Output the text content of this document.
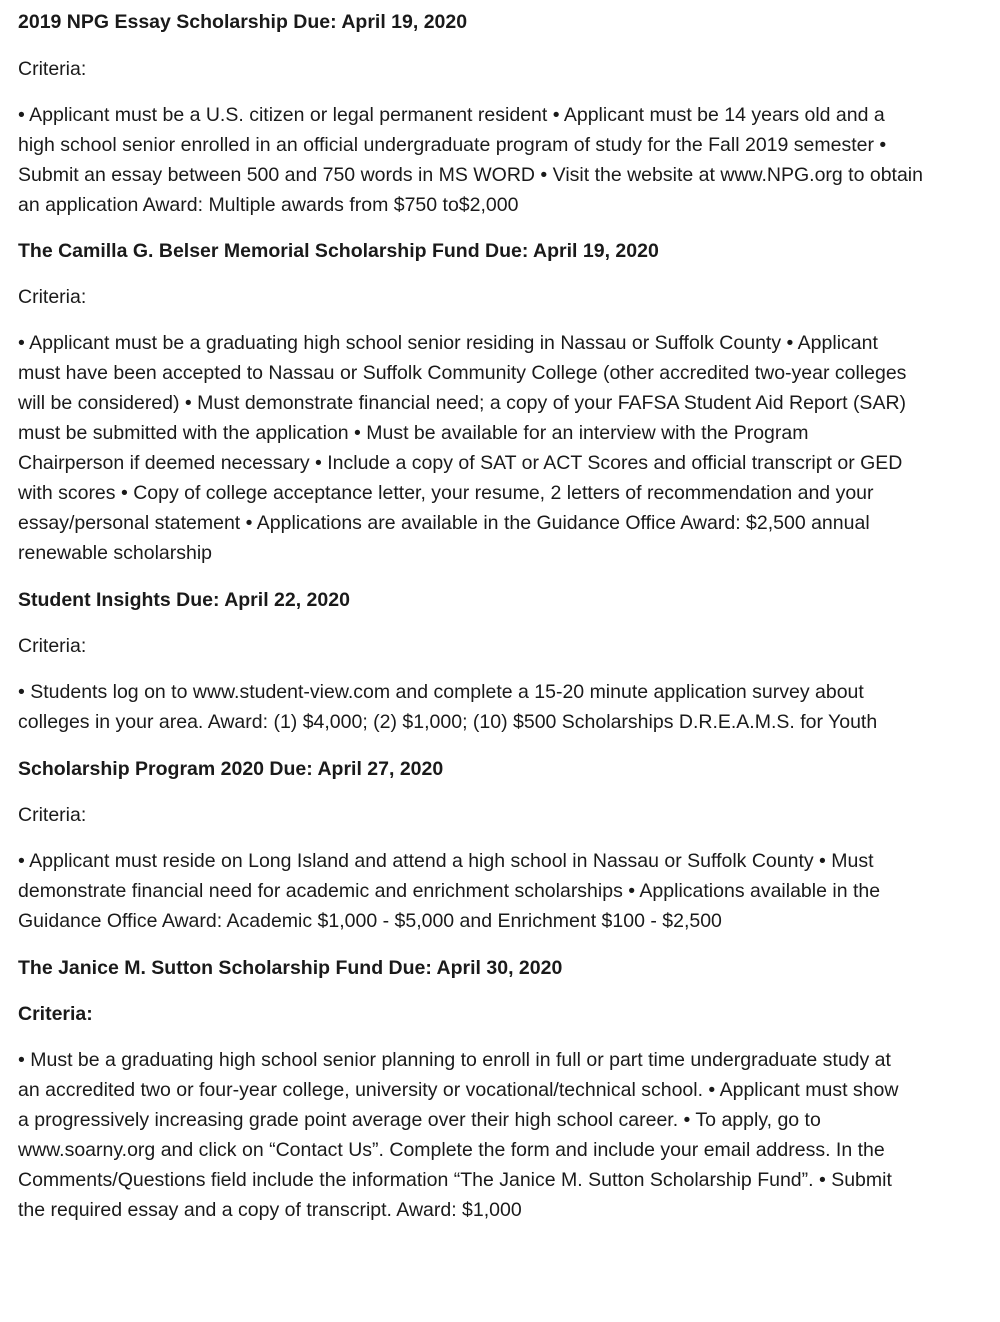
2019 NPG Essay Scholarship Due: April 19, 2020
Criteria:
• Applicant must be a U.S. citizen or legal permanent resident • Applicant must be 14 years old and a
high school senior enrolled in an official undergraduate program of study for the Fall 2019 semester •
Submit an essay between 500 and 750 words in MS WORD • Visit the website at www.NPG.org to obtain
an application Award: Multiple awards from $750 to$2,000
The Camilla G. Belser Memorial Scholarship Fund Due: April 19, 2020
Criteria:
• Applicant must be a graduating high school senior residing in Nassau or Suffolk County • Applicant
must have been accepted to Nassau or Suffolk Community College (other accredited two-year colleges
will be considered) • Must demonstrate financial need; a copy of your FAFSA Student Aid Report (SAR)
must be submitted with the application • Must be available for an interview with the Program
Chairperson if deemed necessary • Include a copy of SAT or ACT Scores and official transcript or GED
with scores • Copy of college acceptance letter, your resume, 2 letters of recommendation and your
essay/personal statement • Applications are available in the Guidance Office Award: $2,500 annual
renewable scholarship
Student Insights Due: April 22, 2020
Criteria:
• Students log on to www.student-view.com and complete a 15-20 minute application survey about
colleges in your area. Award: (1) $4,000; (2) $1,000; (10) $500 Scholarships D.R.E.A.M.S. for Youth
Scholarship Program 2020 Due: April 27, 2020
Criteria:
• Applicant must reside on Long Island and attend a high school in Nassau or Suffolk County • Must
demonstrate financial need for academic and enrichment scholarships • Applications available in the
Guidance Office Award: Academic $1,000 - $5,000 and Enrichment $100 - $2,500
The Janice M. Sutton Scholarship Fund Due: April 30, 2020
Criteria:
• Must be a graduating high school senior planning to enroll in full or part time undergraduate study at
an accredited two or four-year college, university or vocational/technical school. • Applicant must show
a progressively increasing grade point average over their high school career. • To apply, go to
www.soarny.org and click on “Contact Us”. Complete the form and include your email address. In the
Comments/Questions field include the information “The Janice M. Sutton Scholarship Fund”. • Submit
the required essay and a copy of transcript. Award: $1,000
